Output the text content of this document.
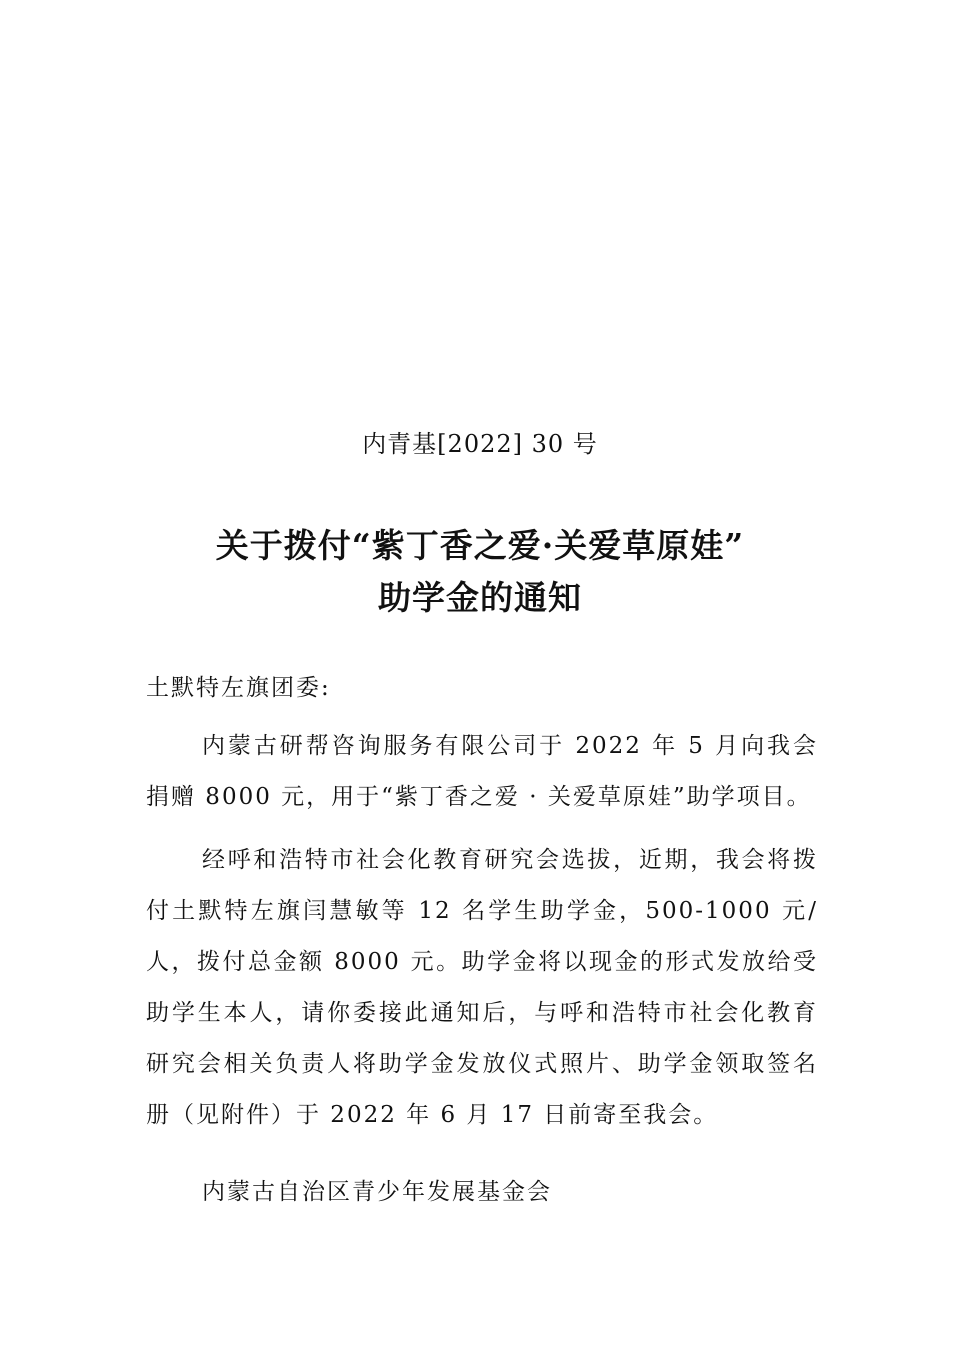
内青基[2022] 30 号
关于拨付“紫丁香之爱·关爱草原娃”
助学金的通知
土默特左旗团委:

内蒙古研帮咨询服务有限公司于 2022 年 5 月向我会捐赠 8000 元，用于“紫丁香之爱 · 关爱草原娃”助学项目。

经呼和浩特市社会化教育研究会选拔，近期，我会将拨付土默特左旗闫慧敏等 12 名学生助学金，500-1000 元/人，拨付总金额 8000 元。助学金将以现金的形式发放给受助学生本人，请你委接此通知后，与呼和浩特市社会化教育研究会相关负责人将助学金发放仪式照片、助学金领取签名册（见附件）于 2022 年 6 月 17 日前寄至我会。

内蒙古自治区青少年发展基金会
